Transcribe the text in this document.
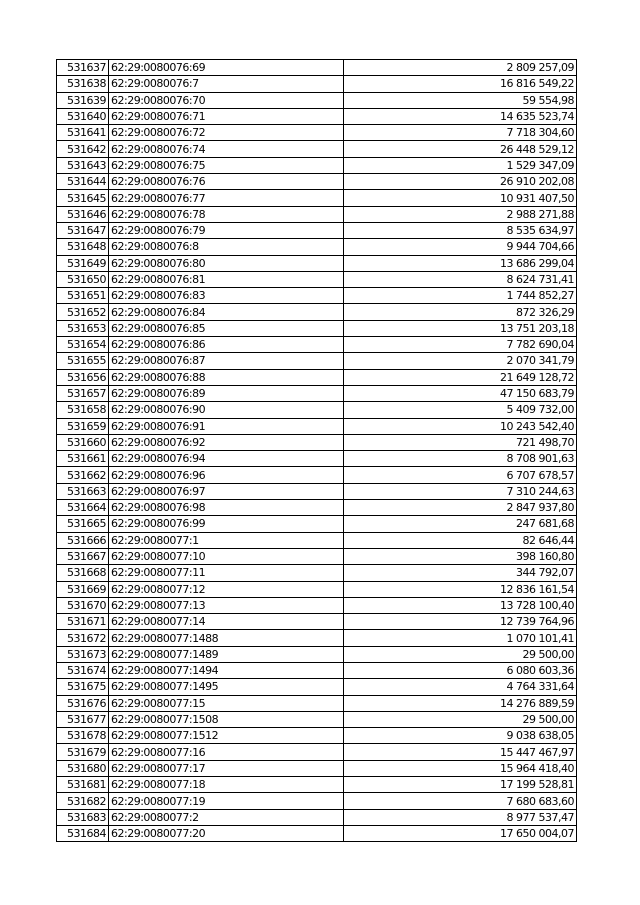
531637	62:29:0080076:69	2 809 257,09
531638	62:29:0080076:7	16 816 549,22
531639	62:29:0080076:70	59 554,98
531640	62:29:0080076:71	14 635 523,74
531641	62:29:0080076:72	7 718 304,60
531642	62:29:0080076:74	26 448 529,12
531643	62:29:0080076:75	1 529 347,09
531644	62:29:0080076:76	26 910 202,08
531645	62:29:0080076:77	10 931 407,50
531646	62:29:0080076:78	2 988 271,88
531647	62:29:0080076:79	8 535 634,97
531648	62:29:0080076:8	9 944 704,66
531649	62:29:0080076:80	13 686 299,04
531650	62:29:0080076:81	8 624 731,41
531651	62:29:0080076:83	1 744 852,27
531652	62:29:0080076:84	872 326,29
531653	62:29:0080076:85	13 751 203,18
531654	62:29:0080076:86	7 782 690,04
531655	62:29:0080076:87	2 070 341,79
531656	62:29:0080076:88	21 649 128,72
531657	62:29:0080076:89	47 150 683,79
531658	62:29:0080076:90	5 409 732,00
531659	62:29:0080076:91	10 243 542,40
531660	62:29:0080076:92	721 498,70
531661	62:29:0080076:94	8 708 901,63
531662	62:29:0080076:96	6 707 678,57
531663	62:29:0080076:97	7 310 244,63
531664	62:29:0080076:98	2 847 937,80
531665	62:29:0080076:99	247 681,68
531666	62:29:0080077:1	82 646,44
531667	62:29:0080077:10	398 160,80
531668	62:29:0080077:11	344 792,07
531669	62:29:0080077:12	12 836 161,54
531670	62:29:0080077:13	13 728 100,40
531671	62:29:0080077:14	12 739 764,96
531672	62:29:0080077:1488	1 070 101,41
531673	62:29:0080077:1489	29 500,00
531674	62:29:0080077:1494	6 080 603,36
531675	62:29:0080077:1495	4 764 331,64
531676	62:29:0080077:15	14 276 889,59
531677	62:29:0080077:1508	29 500,00
531678	62:29:0080077:1512	9 038 638,05
531679	62:29:0080077:16	15 447 467,97
531680	62:29:0080077:17	15 964 418,40
531681	62:29:0080077:18	17 199 528,81
531682	62:29:0080077:19	7 680 683,60
531683	62:29:0080077:2	8 977 537,47
531684	62:29:0080077:20	17 650 004,07
